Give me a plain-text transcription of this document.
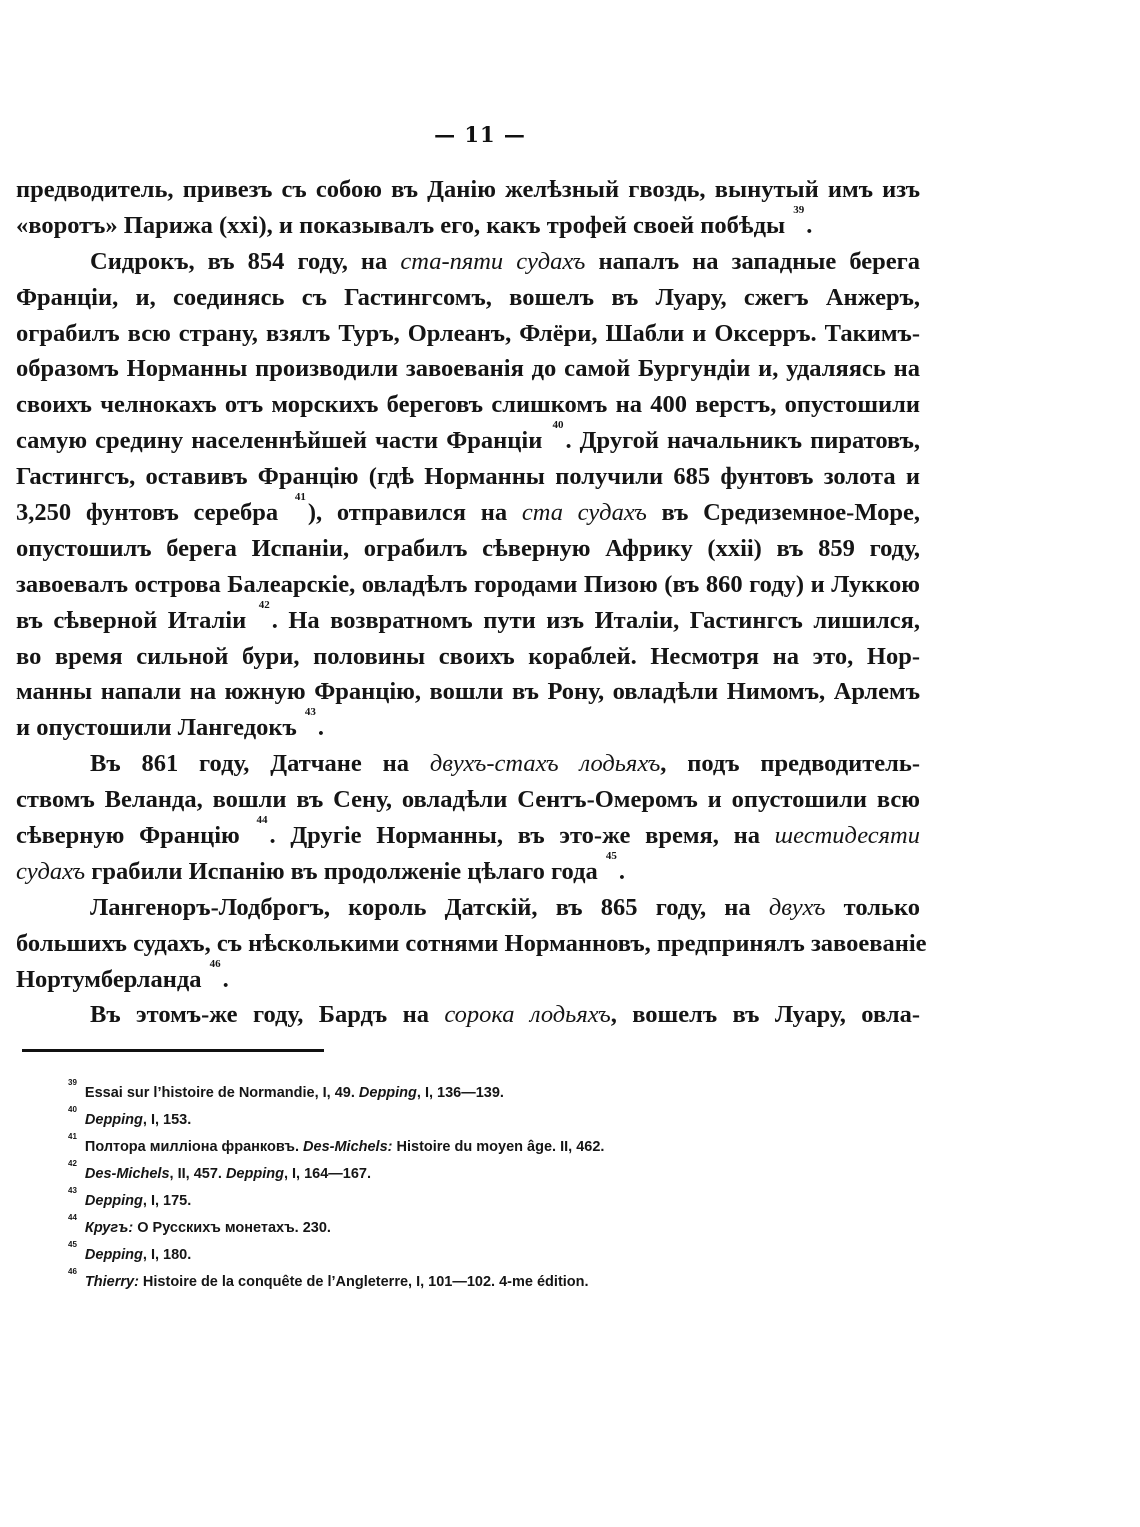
— 11 —
предводитель, привезъ съ собою въ Данію желѣзный гвоздь, вынутый имъ изъ
«воротъ» Парижа (xxi), и показывалъ его, какъ трофей своей побѣды $^{39}$.
Сидрокъ, въ 854 году, на ста-пяти судахъ напалъ на западные берега
Франціи, и, соединясь съ Гастингсомъ, вошелъ въ Луару, сжегъ Анжеръ,
ограбилъ всю страну, взялъ Туръ, Орлеанъ, Флёри, Шабли и Оксерръ. Такимъ-
образомъ Норманны производили завоеванія до самой Бургундіи и, удаляясь на
своихъ челнокахъ отъ морскихъ береговъ слишкомъ на 400 верстъ, опустошили
самую средину населеннѣйшей части Франціи $^{40}$. Другой начальникъ пиратовъ,
Гастингсъ, оставивъ Францію (гдѣ Норманны получили 685 фунтовъ золота и
3,250 фунтовъ серебра $^{41}$), отправился на ста судахъ въ Средиземное-Море,
опустошилъ берега Испаніи, ограбилъ сѣверную Африку (xxii) въ 859 году,
завоевалъ острова Балеарскіе, овладѣлъ городами Пизою (въ 860 году) и Луккою
въ сѣверной Италіи $^{42}$. На возвратномъ пути изъ Италіи, Гастингсъ лишился,
во время сильной бури, половины своихъ кораблей. Несмотря на это, Нор-
манны напали на южную Францію, вошли въ Рону, овладѣли Нимомъ, Арлемъ
и опустошили Лангедокъ $^{43}$.
Въ 861 году, Датчане на двухъ-стахъ лодьяхъ, подъ предводитель-
ствомъ Веланда, вошли въ Сену, овладѣли Сентъ-Омеромъ и опустошили всю
сѣверную Францію $^{44}$. Другіе Норманны, въ это-же время, на шестидесяти
судахъ грабили Испанію въ продолженіе цѣлаго года $^{45}$.
Лангеноръ-Лодброгъ, король Датскій, въ 865 году, на двухъ только
большихъ судахъ, съ нѣсколькими сотнями Норманновъ, предпринялъ завоеваніе
Нортумберланда $^{46}$.
Въ этомъ-же году, Бардъ на сорока лодьяхъ, вошелъ въ Луару, овла-
$^{39}$Essai sur l’histoire de Normandie, I, 49. Depping, I, 136—139.
$^{40}$Depping, I, 153.
$^{41}$Полтора милліона франковъ. Des-Michels: Histoire du moyen âge. II, 462.
$^{42}$Des-Michels, II, 457. Depping, I, 164—167.
$^{43}$Depping, I, 175.
$^{44}$Кругъ: О Русскихъ монетахъ. 230.
$^{45}$Depping, I, 180.
$^{46}$Thierry: Histoire de la conquête de l’Angleterre, I, 101—102. 4-me édition.
